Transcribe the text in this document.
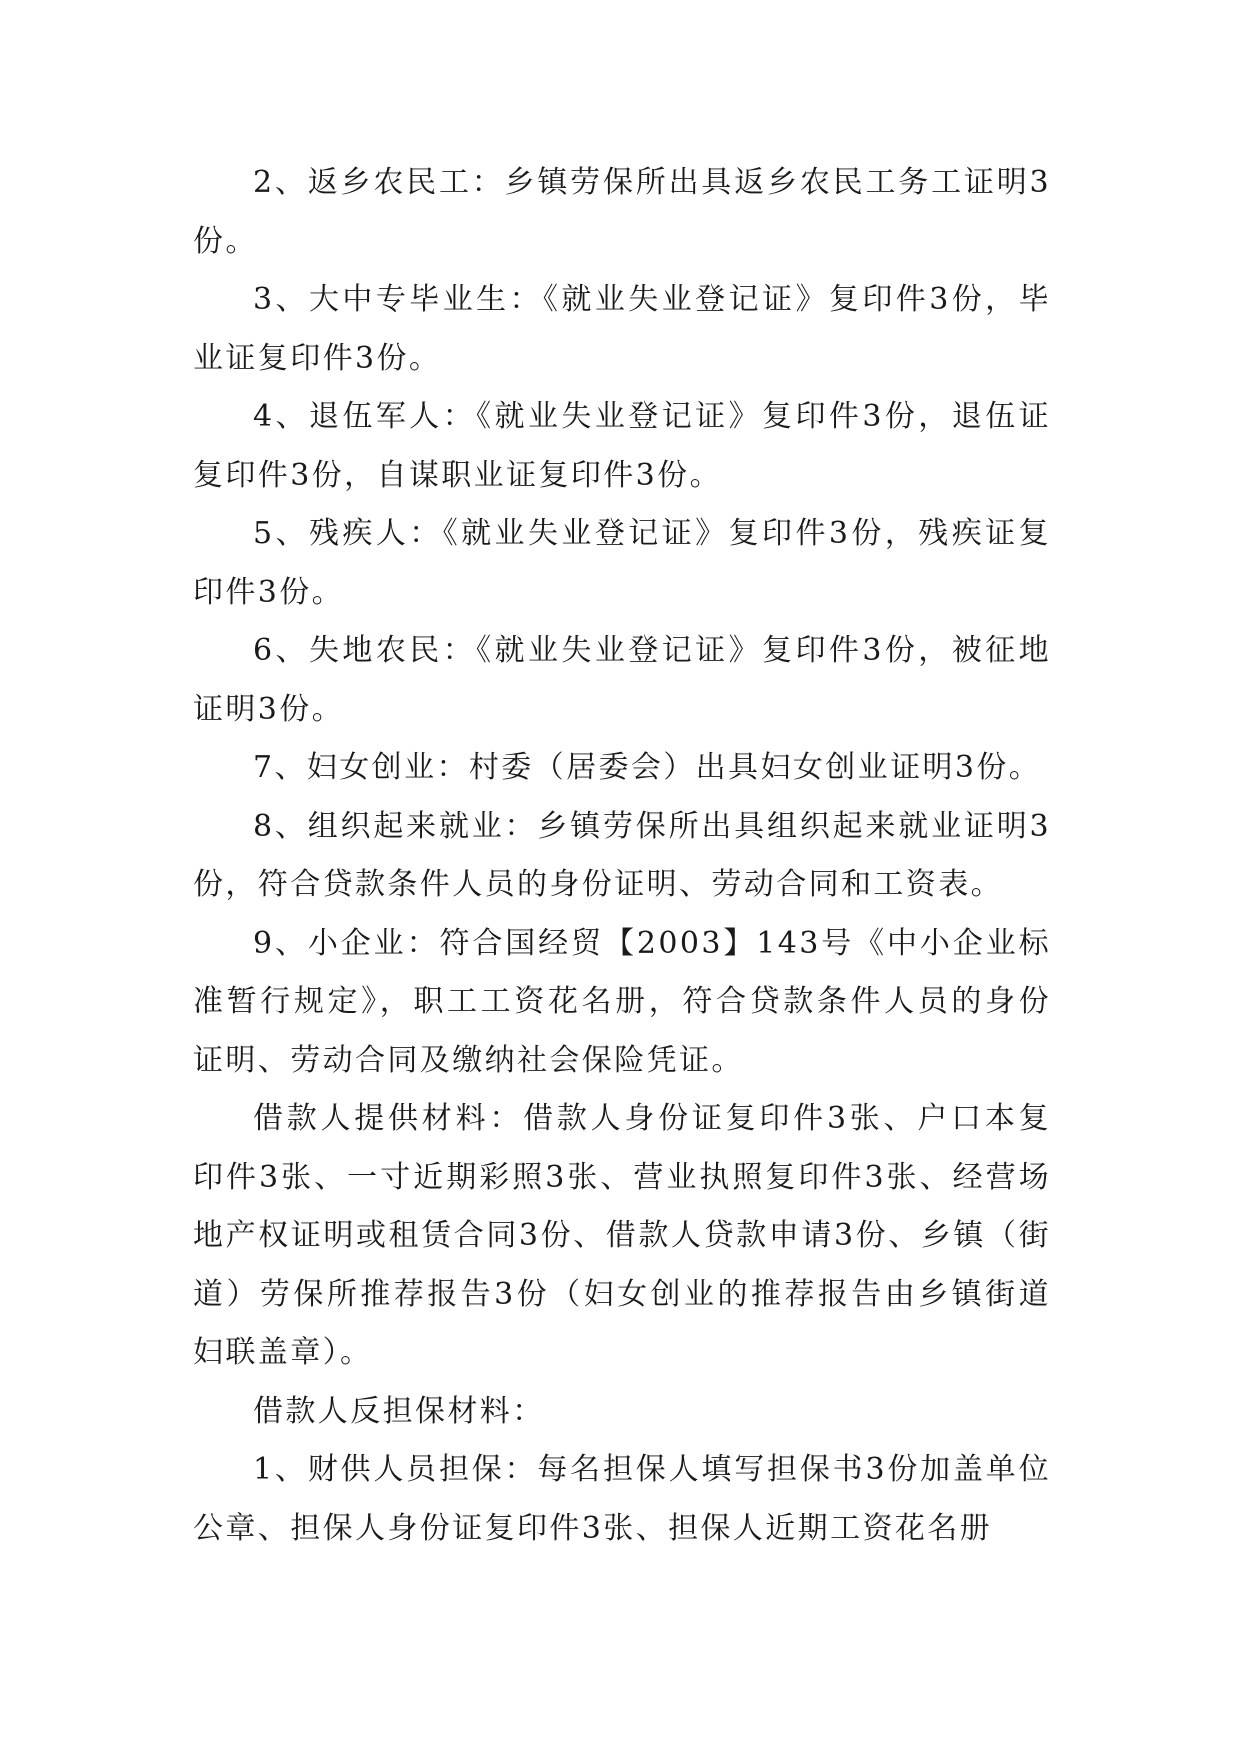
2、返乡农民工：乡镇劳保所出具返乡农民工务工证明3份。

3、大中专毕业生：《就业失业登记证》复印件3份，毕业证复印件3份。

4、退伍军人：《就业失业登记证》复印件3份，退伍证复印件3份，自谋职业证复印件3份。

5、残疾人：《就业失业登记证》复印件3份，残疾证复印件3份。

6、失地农民：《就业失业登记证》复印件3份，被征地证明3份。

7、妇女创业：村委（居委会）出具妇女创业证明3份。

8、组织起来就业：乡镇劳保所出具组织起来就业证明3份，符合贷款条件人员的身份证明、劳动合同和工资表。

9、小企业：符合国经贸【2003】143号《中小企业标准暂行规定》，职工工资花名册，符合贷款条件人员的身份证明、劳动合同及缴纳社会保险凭证。

借款人提供材料：借款人身份证复印件3张、户口本复印件3张、一寸近期彩照3张、营业执照复印件3张、经营场地产权证明或租赁合同3份、借款人贷款申请3份、乡镇（街道）劳保所推荐报告3份（妇女创业的推荐报告由乡镇街道妇联盖章）。

借款人反担保材料：

1、财供人员担保：每名担保人填写担保书3份加盖单位公章、担保人身份证复印件3张、担保人近期工资花名册
